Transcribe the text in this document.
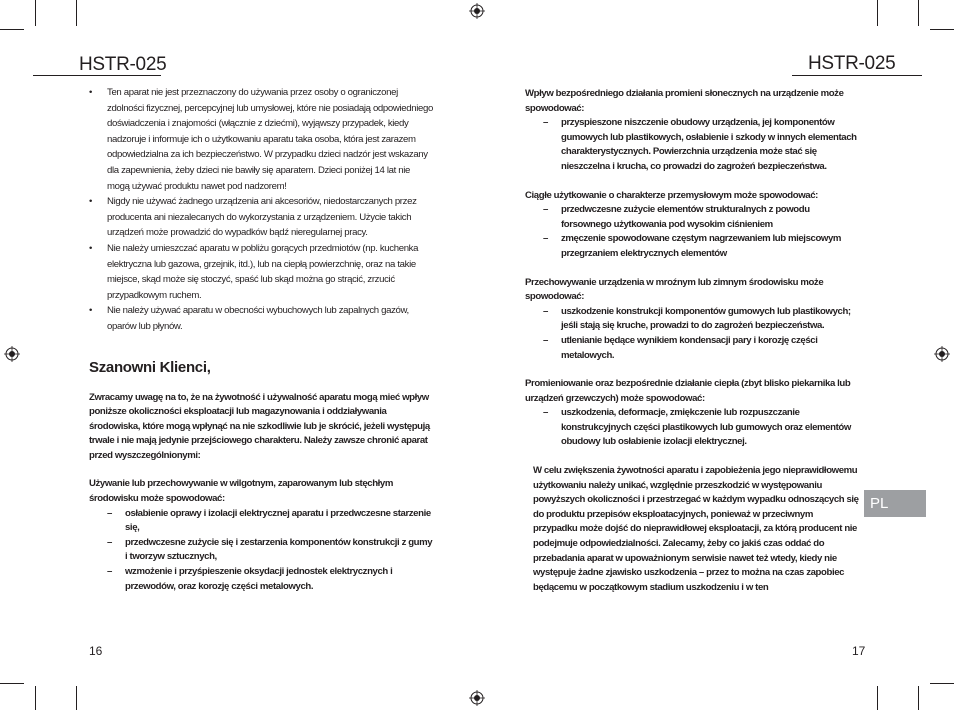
HSTR-025	HSTR-025
PL
• Ten aparat nie jest przeznaczony do używania przez osoby o ograniczonej zdolności fizycznej, percepcyjnej lub umysłowej, które nie posiadają odpowiedniego doświadczenia i znajomości (włącznie z dziećmi), wyjąwszy przypadek, kiedy nadzoruje i informuje ich o użytkowaniu aparatu taka osoba, która jest zarazem odpowiedzialna za ich bezpieczeństwo. W przypadku dzieci nadzór jest wskazany dla zapewnienia, żeby dzieci nie bawiły się aparatem. Dzieci poniżej 14 lat nie mogą używać produktu nawet pod nadzorem!
• Nigdy nie używać żadnego urządzenia ani akcesoriów, niedostarczanych przez producenta ani niezalecanych do wykorzystania z urządzeniem. Użycie takich urządzeń może prowadzić do wypadków bądź nieregularnej pracy.
• Nie należy umieszczać aparatu w pobliżu gorących przedmiotów (np. kuchenka elektryczna lub gazowa, grzejnik, itd.), lub na ciepłą powierzchnię, oraz na takie miejsce, skąd może się stoczyć, spaść lub skąd można go strącić, zrzucić przypadkowym ruchem.
• Nie należy używać aparatu w obecności wybuchowych lub zapalnych gazów, oparów lub płynów.
Szanowni Klienci,

Zwracamy uwagę na to, że na żywotność i używalność aparatu mogą mieć wpływ poniższe okoliczności eksploatacji lub magazynowania i oddziaływania środowiska, które mogą wpłynąć na nie szkodliwie lub je skrócić, jeżeli występują trwale i nie mają jedynie przejściowego charakteru. Należy zawsze chronić aparat przed wyszczególnionymi:

Używanie lub przechowywanie w wilgotnym, zaparowanym lub stęchłym środowisku może spowodować:

– osłabienie oprawy i izolacji elektrycznej aparatu i przedwczesne starzenie się,
– przedwczesne zużycie się i zestarzenia komponentów konstrukcji z gumy i tworzyw sztucznych,
– wzmożenie i przyśpieszenie oksydacji jednostek elektrycznych i przewodów, oraz korozję części metalowych.

Wpływ bezpośredniego działania promieni słonecznych na urządzenie może spowodować:

– przyspieszone niszczenie obudowy urządzenia, jej komponentów gumowych lub plastikowych, osłabienie i szkody w innych elementach charakterystycznych. Powierzchnia urządzenia może stać się nieszczelna i krucha, co prowadzi do zagrożeń bezpieczeństwa.

Ciągłe użytkowanie o charakterze przemysłowym może spowodować:

– przedwczesne zużycie elementów strukturalnych z powodu forsownego użytkowania pod wysokim ciśnieniem
– zmęczenie spowodowane częstym nagrzewaniem lub miejscowym przegrzaniem elektrycznych elementów

Przechowywanie urządzenia w mroźnym lub zimnym środowisku może spowodować:

– uszkodzenie konstrukcji komponentów gumowych lub plastikowych; jeśli stają się kruche, prowadzi to do zagrożeń bezpieczeństwa.
– utlenianie będące wynikiem kondensacji pary i korozję części metalowych.

Promieniowanie oraz bezpośrednie działanie ciepła (zbyt blisko piekarnika lub urządzeń grzewczych) może spowodować:

– uszkodzenia, deformacje, zmiękczenie lub rozpuszczanie konstrukcyjnych części plastikowych lub gumowych oraz elementów obudowy lub osłabienie izolacji elektrycznej.

W celu zwiększenia żywotności aparatu i zapobieżenia jego nieprawidłowemu użytkowaniu należy unikać, względnie przeszkodzić w występowaniu powyższych okoliczności i przestrzegać w każdym wypadku odnoszących się do produktu przepisów eksploatacyjnych, ponieważ w przeciwnym przypadku może dojść do nieprawidłowej eksploatacji, za którą producent nie podejmuje odpowiedzialności. Zalecamy, żeby co jakiś czas oddać do przebadania aparat w upoważnionym serwisie nawet też wtedy, kiedy nie występuje żadne zjawisko uszkodzenia – przez to można na czas zapobiec będącemu w początkowym stadium uszkodzeniu i w ten

16	17
